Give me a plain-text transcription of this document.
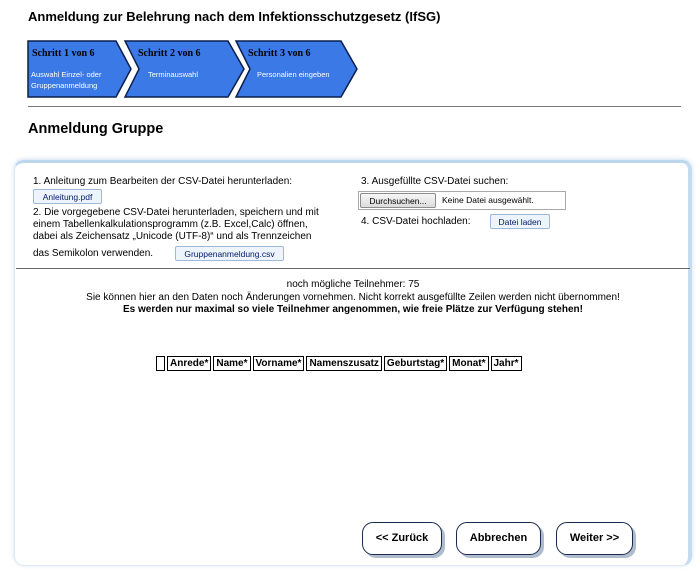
Anmeldung zur Belehrung nach dem Infektionsschutzgesetz (IfSG)
Schritt 1 von 6
Auswahl Einzel- oder
Gruppenanmeldung
Schritt 2 von 6
Terminauswahl
Schritt 3 von 6
Personalien eingeben
Anmeldung Gruppe
1. Anleitung zum Bearbeiten der CSV-Datei herunterladen:
Anleitung.pdf
2. Die vorgegebene CSV-Datei herunterladen, speichern und mit
einem Tabellenkalkulationsprogramm (z.B. Excel,Calc) öffnen,
dabei als Zeichensatz „Unicode (UTF-8)“ und als Trennzeichen
das Semikolon verwenden.	Gruppenanmeldung.csv
3. Ausgefüllte CSV-Datei suchen:
Durchsuchen...	Keine Datei ausgewählt.
4. CSV-Datei hochladen:	Datei laden
noch mögliche Teilnehmer: 75
Sie können hier an den Daten noch Änderungen vornehmen. Nicht korrekt ausgefüllte Zeilen werden nicht übernommen!
Es werden nur maximal so viele Teilnehmer angenommen, wie freie Plätze zur Verfügung stehen!
	Anrede*	Name*	Vorname*	Namenszusatz	Geburtstag*	Monat*	Jahr*
<< Zurück	Abbrechen	Weiter >>
